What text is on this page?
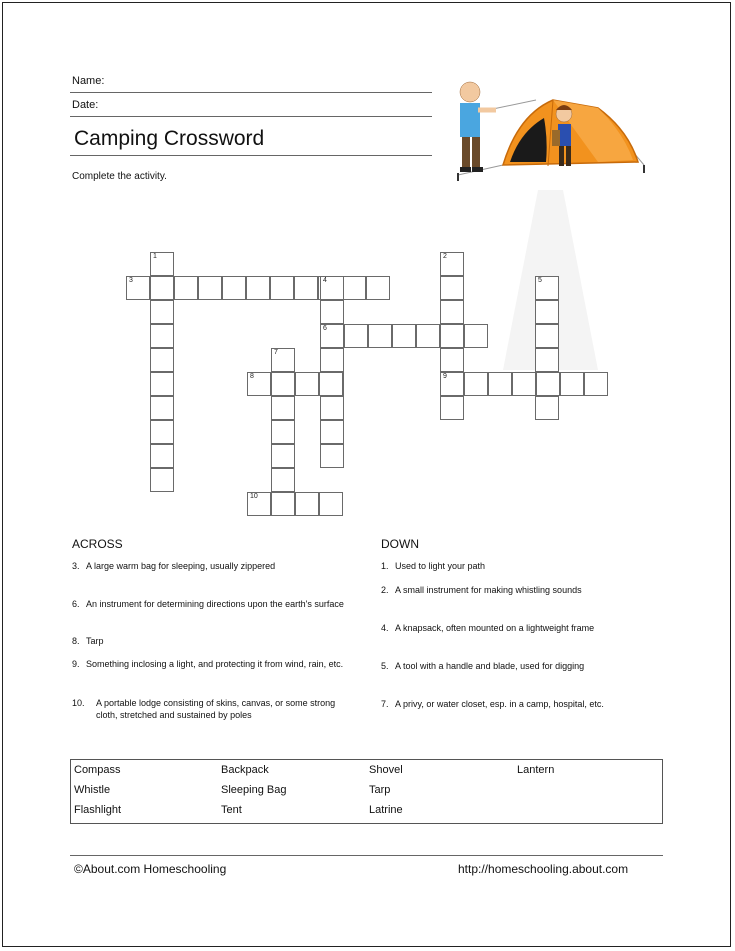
Name:
Date:
Camping Crossword
Complete the activity.
1	2
9
3	4
6
5
7
8
10
ACROSS
3. A large warm bag for sleeping, usually zippered
6. An instrument for determining directions upon the earth's surface
8. Tarp
9. Something inclosing a light, and protecting it from wind, rain, etc.
10.	A portable lodge consisting of skins, canvas, or some strong cloth, stretched and sustained by poles
DOWN
1. Used to light your path
2. A small instrument for making whistling sounds
4. A knapsack, often mounted on a lightweight frame
5. A tool with a handle and blade, used for digging
7. A privy, or water closet, esp. in a camp, hospital, etc.
Compass	Backpack	Shovel	Lantern
Whistle	Sleeping Bag	Tarp
Flashlight	Tent	Latrine
©About.com Homeschooling	http://homeschooling.about.com
